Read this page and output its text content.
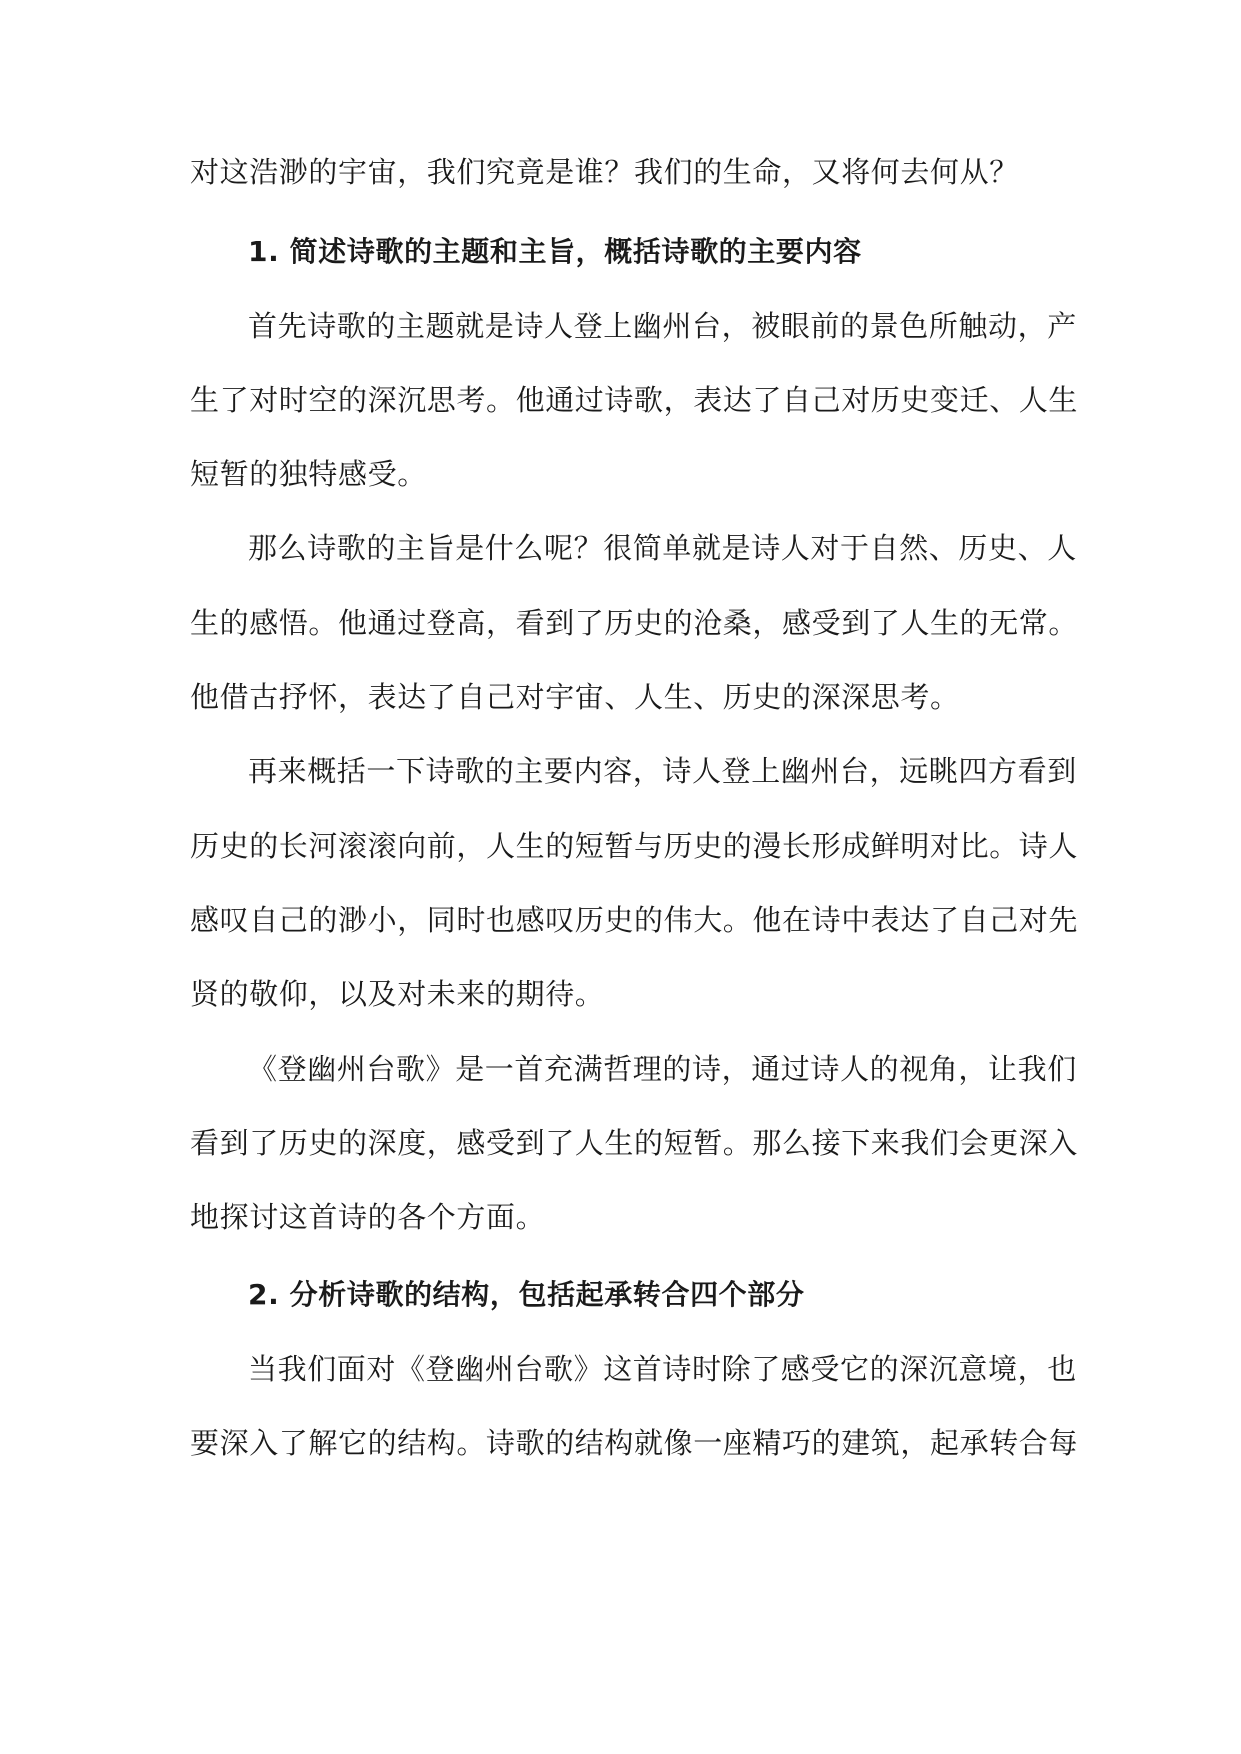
对这浩渺的宇宙，我们究竟是谁？我们的生命，又将何去何从？
1. 简述诗歌的主题和主旨，概括诗歌的主要内容
首先诗歌的主题就是诗人登上幽州台，被眼前的景色所触动，产
生了对时空的深沉思考。他通过诗歌，表达了自己对历史变迁、人生
短暂的独特感受。
那么诗歌的主旨是什么呢？很简单就是诗人对于自然、历史、人
生的感悟。他通过登高，看到了历史的沧桑，感受到了人生的无常。
他借古抒怀，表达了自己对宇宙、人生、历史的深深思考。
再来概括一下诗歌的主要内容，诗人登上幽州台，远眺四方看到
历史的长河滚滚向前，人生的短暂与历史的漫长形成鲜明对比。诗人
感叹自己的渺小，同时也感叹历史的伟大。他在诗中表达了自己对先
贤的敬仰，以及对未来的期待。
《登幽州台歌》是一首充满哲理的诗，通过诗人的视角，让我们
看到了历史的深度，感受到了人生的短暂。那么接下来我们会更深入
地探讨这首诗的各个方面。
2. 分析诗歌的结构，包括起承转合四个部分
当我们面对《登幽州台歌》这首诗时除了感受它的深沉意境，也
要深入了解它的结构。诗歌的结构就像一座精巧的建筑，起承转合每
